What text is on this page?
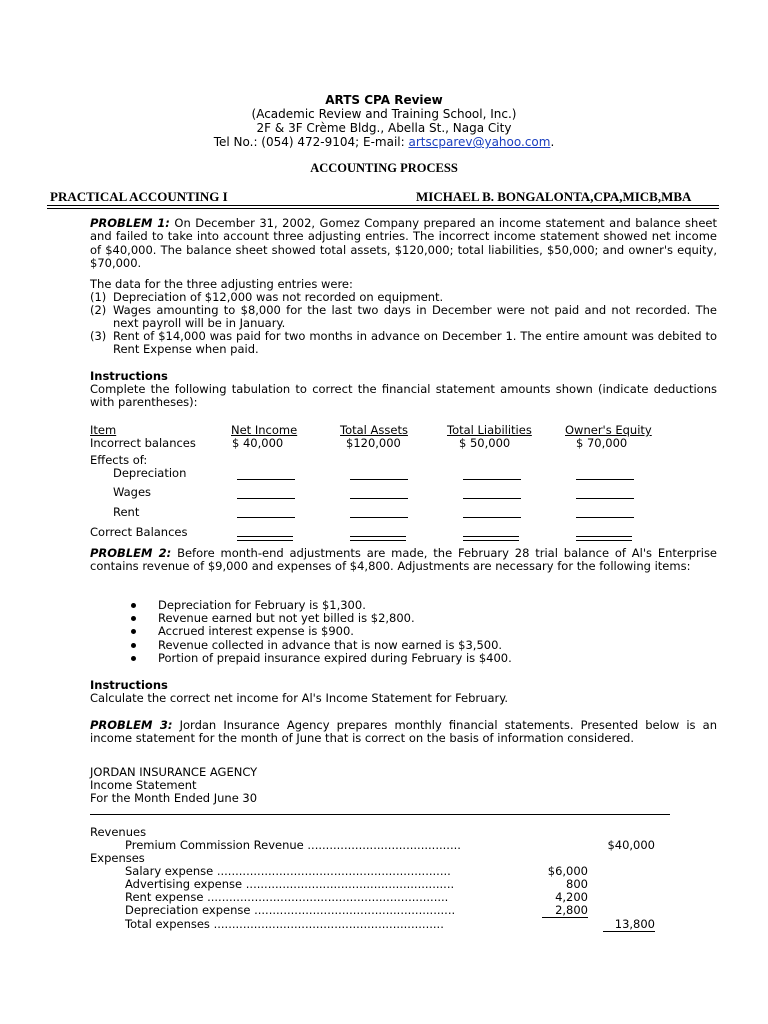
ARTS CPA Review
(Academic Review and Training School, Inc.)
2F & 3F Crème Bldg., Abella St., Naga City
Tel No.: (054) 472-9104; E-mail: artscparev@yahoo.com.
ACCOUNTING PROCESS
PRACTICAL ACCOUNTING I	MICHAEL B. BONGALONTA,CPA,MICB,MBA
PROBLEM 1: On December 31, 2002, Gomez Company prepared an income statement and balance sheet and failed to take into account three adjusting entries. The incorrect income statement showed net income of $40,000. The balance sheet showed total assets, $120,000; total liabilities, $50,000; and owner's equity, $70,000.
The data for the three adjusting entries were:
(1) Depreciation of $12,000 was not recorded on equipment.
(2) Wages amounting to $8,000 for the last two days in December were not paid and not recorded. The next payroll will be in January.
(3) Rent of $14,000 was paid for two months in advance on December 1. The entire amount was debited to Rent Expense when paid.
Instructions
Complete the following tabulation to correct the financial statement amounts shown (indicate deductions with parentheses):
Item	Net Income	Total Assets	Total Liabilities	Owner's Equity
Incorrect balances	$ 40,000	$120,000	$ 50,000	$ 70,000
Effects of:
Depreciation
Wages
Rent
Correct Balances
PROBLEM 2: Before month-end adjustments are made, the February 28 trial balance of Al's Enterprise contains revenue of $9,000 and expenses of $4,800. Adjustments are necessary for the following items:
Depreciation for February is $1,300.
Revenue earned but not yet billed is $2,800.
Accrued interest expense is $900.
Revenue collected in advance that is now earned is $3,500.
Portion of prepaid insurance expired during February is $400.
Instructions
Calculate the correct net income for Al's Income Statement for February.
PROBLEM 3: Jordan Insurance Agency prepares monthly financial statements. Presented below is an income statement for the month of June that is correct on the basis of information considered.
JORDAN INSURANCE AGENCY
Income Statement
For the Month Ended June 30
Revenues
Premium Commission Revenue ..........................................	$40,000
Expenses
Salary expense ................................................................	$6,000
Advertising expense .........................................................	800
Rent expense ..................................................................	4,200
Depreciation expense .......................................................	2,800
Total expenses ...............................................................	13,800
